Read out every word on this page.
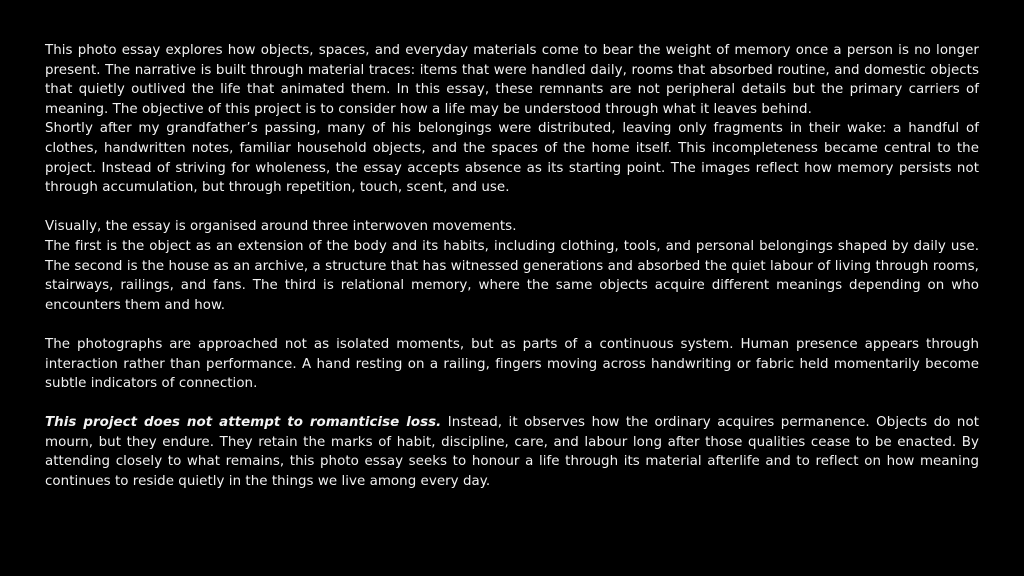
This photo essay explores how objects, spaces, and everyday materials come to bear the weight of memory once a person is no longer present. The narrative is built through material traces: items that were handled daily, rooms that absorbed routine, and domestic objects that quietly outlived the life that animated them. In this essay, these remnants are not peripheral details but the primary carriers of meaning. The objective of this project is to consider how a life may be understood through what it leaves behind.

Shortly after my grandfather’s passing, many of his belongings were distributed, leaving only fragments in their wake: a handful of clothes, handwritten notes, familiar household objects, and the spaces of the home itself. This incompleteness became central to the project. Instead of striving for wholeness, the essay accepts absence as its starting point. The images reflect how memory persists not through accumulation, but through repetition, touch, scent, and use.

Visually, the essay is organised around three interwoven movements.

The first is the object as an extension of the body and its habits, including clothing, tools, and personal belongings shaped by daily use. The second is the house as an archive, a structure that has witnessed generations and absorbed the quiet labour of living through rooms, stairways, railings, and fans. The third is relational memory, where the same objects acquire different meanings depending on who encounters them and how.

The photographs are approached not as isolated moments, but as parts of a continuous system. Human presence appears through interaction rather than performance. A hand resting on a railing, fingers moving across handwriting or fabric held momentarily become subtle indicators of connection.

This project does not attempt to romanticise loss. Instead, it observes how the ordinary acquires permanence. Objects do not mourn, but they endure. They retain the marks of habit, discipline, care, and labour long after those qualities cease to be enacted. By attending closely to what remains, this photo essay seeks to honour a life through its material afterlife and to reflect on how meaning continues to reside quietly in the things we live among every day.
